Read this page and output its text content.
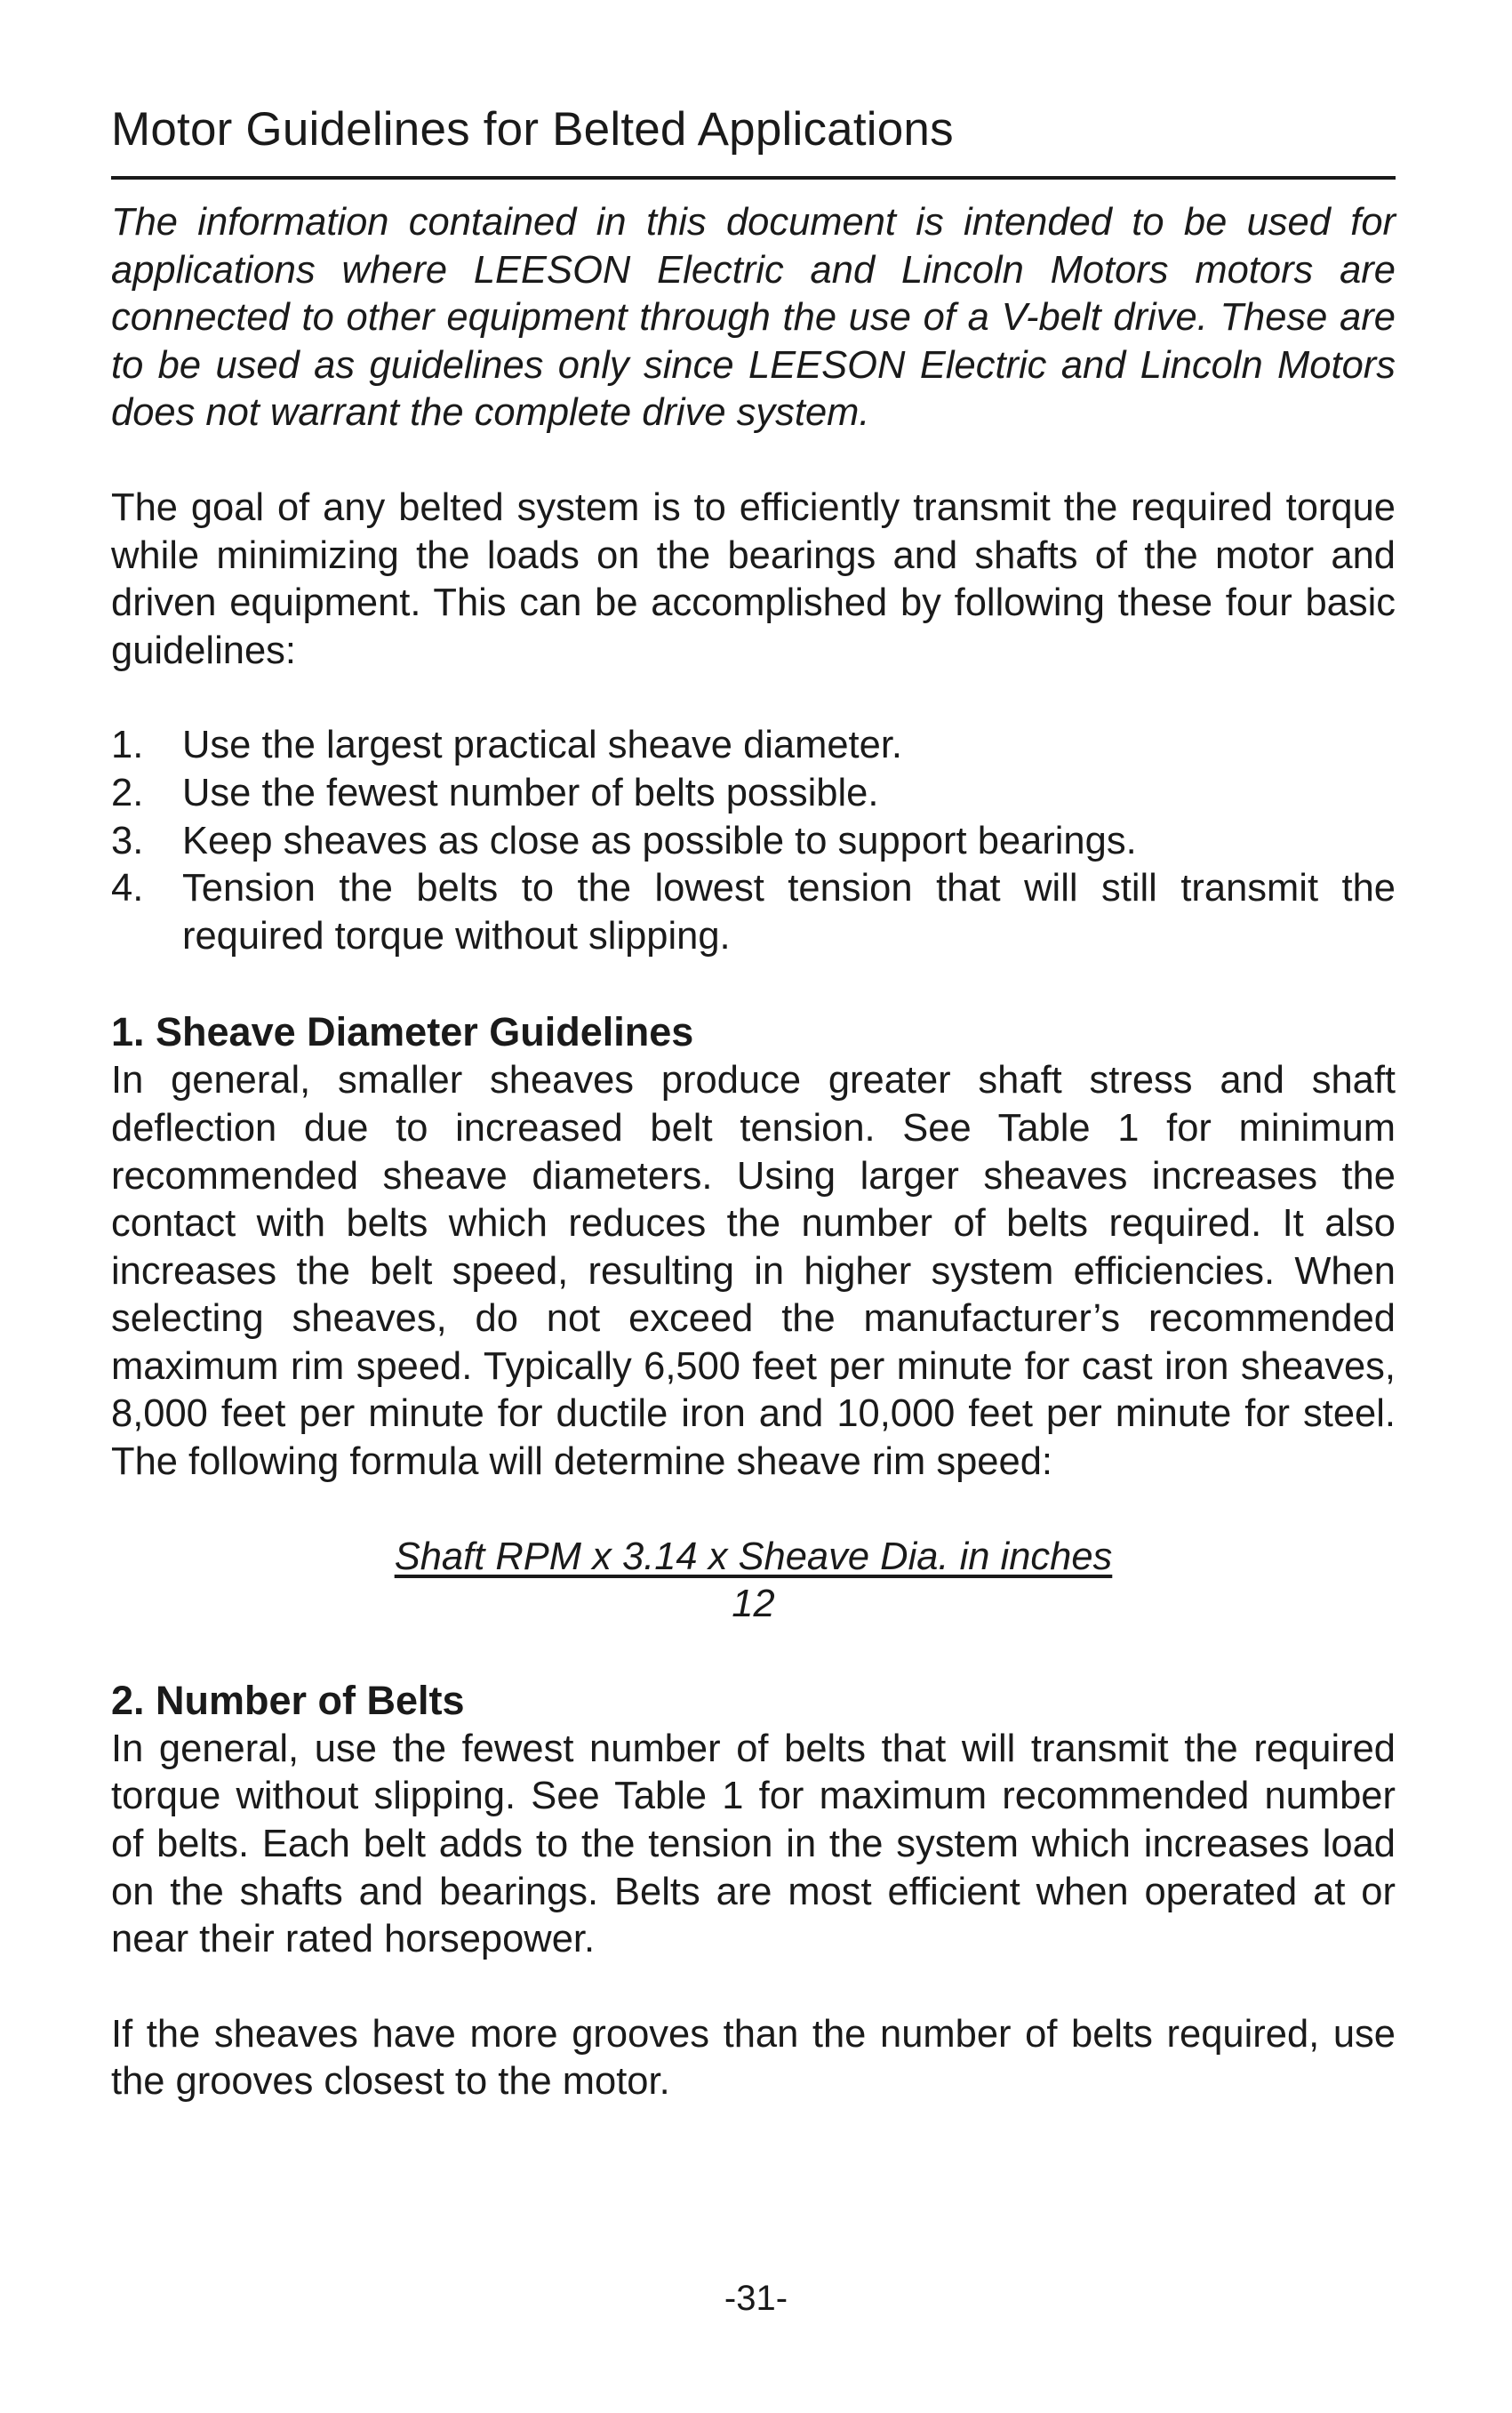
Motor Guidelines for Belted Applications

The information contained in this document is intended to be used for applications where LEESON Electric and Lincoln Motors motors are connected to other equipment through the use of a V-belt drive. These are to be used as guidelines only since LEESON Electric and Lincoln Motors does not warrant the complete drive system.

The goal of any belted system is to efficiently transmit the required torque while minimizing the loads on the bearings and shafts of the motor and driven equipment. This can be accomplished by following these four basic guidelines:

1. Use the largest practical sheave diameter.
2. Use the fewest number of belts possible.
3. Keep sheaves as close as possible to support bearings.
4. Tension the belts to the lowest tension that will still transmit the required torque without slipping.
1. Sheave Diameter Guidelines

In general, smaller sheaves produce greater shaft stress and shaft deflection due to increased belt tension. See Table 1 for minimum recommended sheave diameters. Using larger sheaves increases the contact with belts which reduces the number of belts required. It also increases the belt speed, resulting in higher system efficiencies. When selecting sheaves, do not exceed the manufacturer’s recommended maximum rim speed. Typically 6,500 feet per minute for cast iron sheaves, 8,000 feet per minute for ductile iron and 10,000 feet per minute for steel. The following formula will determine sheave rim speed:

Shaft RPM x 3.14 x Sheave Dia. in inches
12
2. Number of Belts

In general, use the fewest number of belts that will transmit the required torque without slipping. See Table 1 for maximum recommended number of belts. Each belt adds to the tension in the system which increases load on the shafts and bearings. Belts are most efficient when operated at or near their rated horsepower.

If the sheaves have more grooves than the number of belts required, use the grooves closest to the motor.

-31-
